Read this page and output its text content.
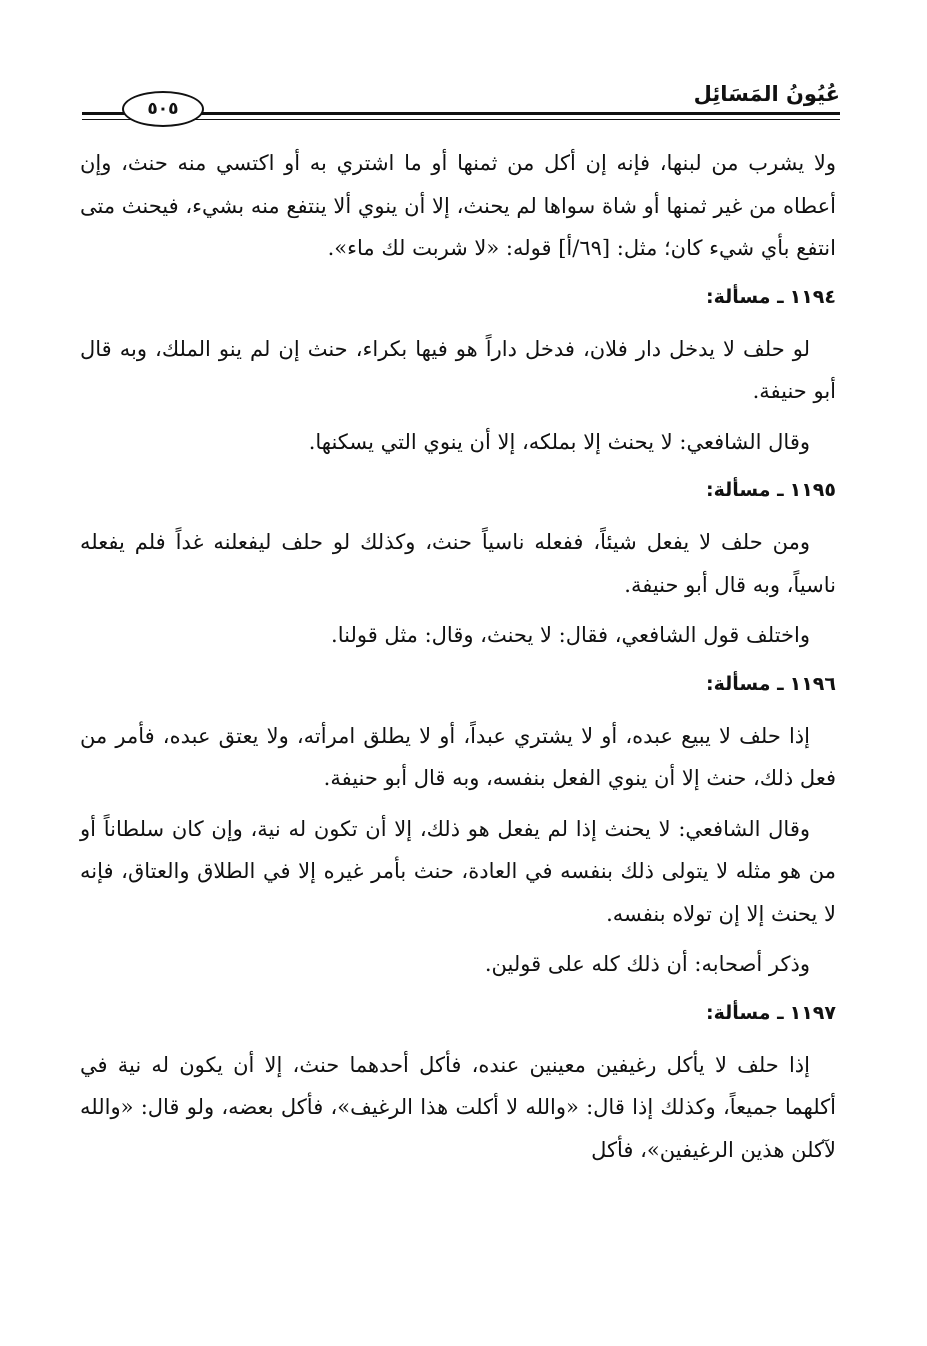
عُيُونُ المَسَائِل
٥٠٥

ولا يشرب من لبنها، فإنه إن أكل من ثمنها أو ما اشتري به أو اكتسي منه حنث، وإن أعطاه من غير ثمنها أو شاة سواها لم يحنث، إلا أن ينوي ألا ينتفع منه بشيء، فيحنث متى انتفع بأي شيء كان؛ مثل: [٦٩/أ] قوله: «لا شربت لك ماء».

١١٩٤ـ مسألة:

لو حلف لا يدخل دار فلان، فدخل داراً هو فيها بكراء، حنث إن لم ينو الملك، وبه قال أبو حنيفة.

وقال الشافعي: لا يحنث إلا بملكه، إلا أن ينوي التي يسكنها.

١١٩٥ـ مسألة:

ومن حلف لا يفعل شيئاً، ففعله ناسياً حنث، وكذلك لو حلف ليفعلنه غداً فلم يفعله ناسياً، وبه قال أبو حنيفة.

واختلف قول الشافعي، فقال: لا يحنث، وقال: مثل قولنا.

١١٩٦ـ مسألة:

إذا حلف لا يبيع عبده، أو لا يشتري عبداً، أو لا يطلق امرأته، ولا يعتق عبده، فأمر من فعل ذلك، حنث إلا أن ينوي الفعل بنفسه، وبه قال أبو حنيفة.

وقال الشافعي: لا يحنث إذا لم يفعل هو ذلك، إلا أن تكون له نية، وإن كان سلطاناً أو من هو مثله لا يتولى ذلك بنفسه في العادة، حنث بأمر غيره إلا في الطلاق والعتاق، فإنه لا يحنث إلا إن تولاه بنفسه.

وذكر أصحابه: أن ذلك كله على قولين.

١١٩٧ـ مسألة:

إذا حلف لا يأكل رغيفين معينين عنده، فأكل أحدهما حنث، إلا أن يكون له نية في أكلهما جميعاً، وكذلك إذا قال: «والله لا أكلت هذا الرغيف»، فأكل بعضه، ولو قال: «والله لآكلن هذين الرغيفين»، فأكل
